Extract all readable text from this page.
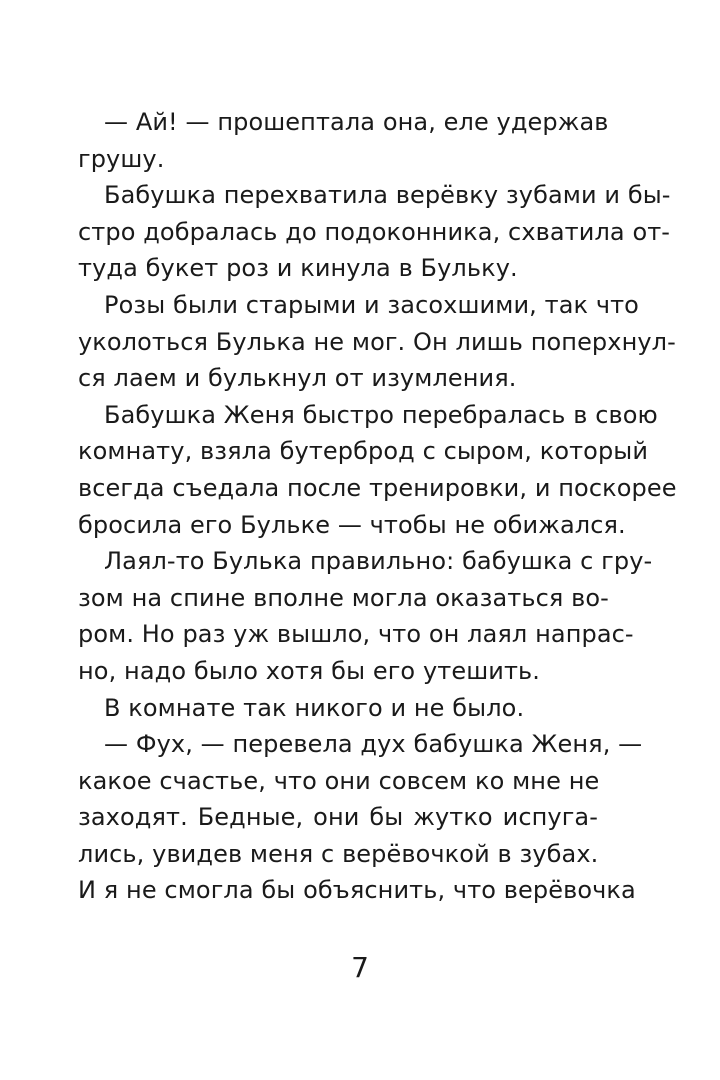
— Ай! — прошептала она, еле удержав
грушу.
Бабушка перехватила верёвку зубами и бы-
стро добралась до подоконника, схватила от-
туда букет роз и кинула в Бульку.
Розы были старыми и засохшими, так что
уколоться Булька не мог. Он лишь поперхнул-
ся лаем и булькнул от изумления.
Бабушка Женя быстро перебралась в свою
комнату, взяла бутерброд с сыром, который
всегда съедала после тренировки, и поскорее
бросила его Бульке — чтобы не обижался.
Лаял-то Булька правильно: бабушка с гру-
зом на спине вполне могла оказаться во-
ром. Но раз уж вышло, что он лаял напрас-
но, надо было хотя бы его утешить.
В комнате так никого и не было.
— Фух, — перевела дух бабушка Женя, —
какое счастье, что они совсем ко мне не
заходят. Бедные, они бы жутко испуга-
лись, увидев меня с верёвочкой в зубах.
И я не смогла бы объяснить, что верёвочка
7
